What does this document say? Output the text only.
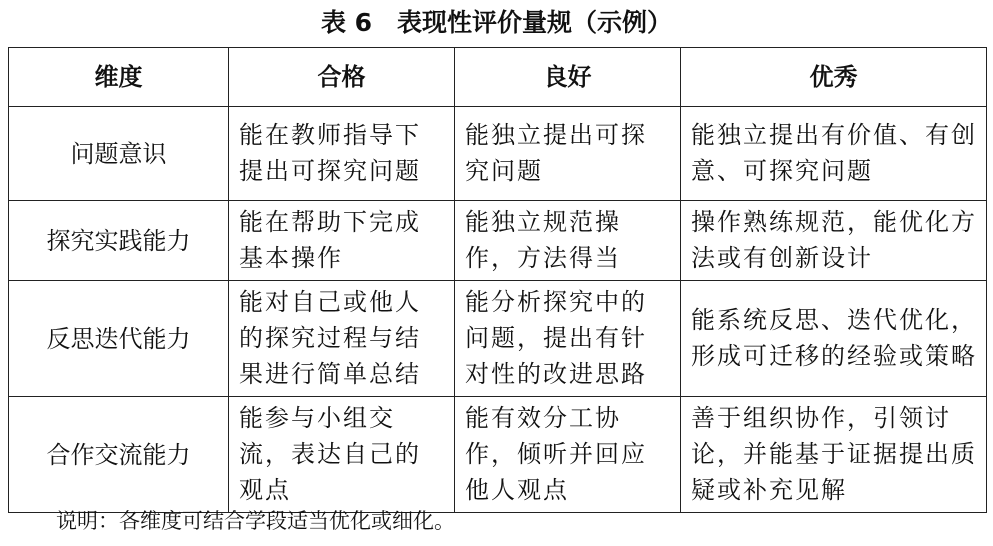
表 6　表现性评价量规（示例）
维度	合格	良好	优秀
问题意识	能在教师指导下提出可探究问题	能独立提出可探究问题	能独立提出有价值、有创意、可探究问题

探究实践能力	能在帮助下完成基本操作	能独立规范操作，方法得当	操作熟练规范，能优化方法或有创新设计

反思迭代能力	能对自己或他人的探究过程与结果进行简单总结	能分析探究中的问题，提出有针对性的改进思路	能系统反思、迭代优化，形成可迁移的经验或策略

合作交流能力	能参与小组交流，表达自己的观点	能有效分工协作，倾听并回应他人观点	善于组织协作，引领讨论，并能基于证据提出质疑或补充见解
说明：各维度可结合学段适当优化或细化。
